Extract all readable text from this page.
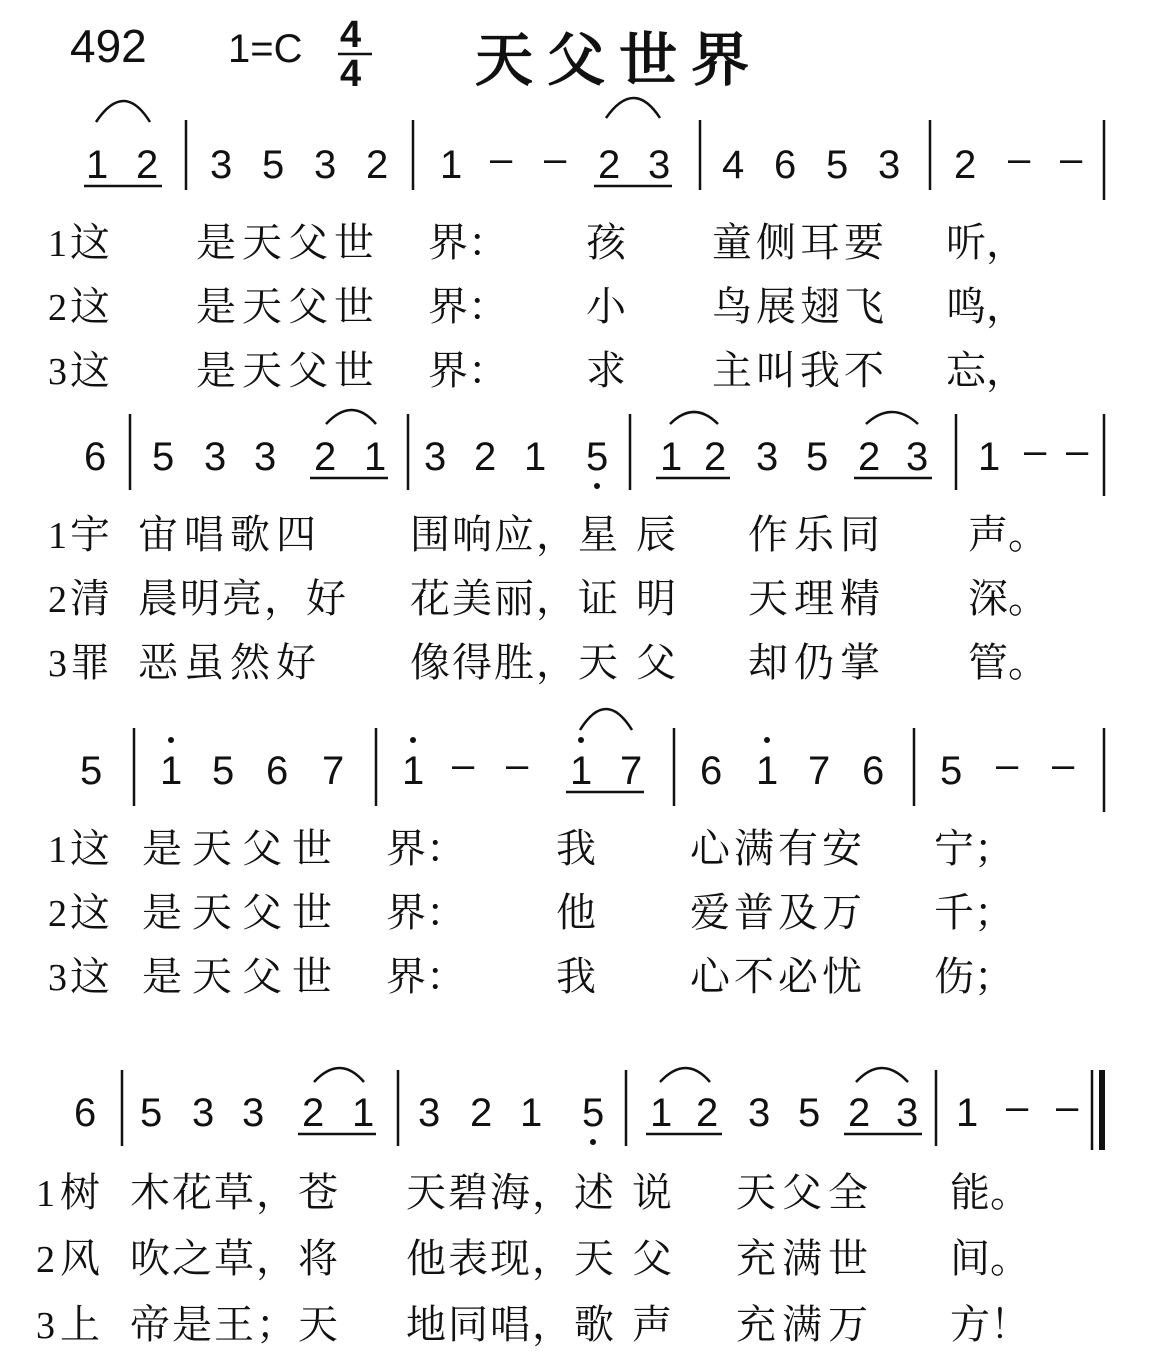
492 1=C 4
4 天父世界
1 2 3 5 3 2 1 – – 2 3 4 6 5 3 2 – –
1 这 是天父世 界： 孩 童侧耳要 听，
2 这 是天父世 界： 小 鸟展翅飞 鸣，
3 这 是天父世 界： 求 主叫我不 忘，
6 5 3 3 2 1 3 2 1 5 1 2 3 5 2 3 1 – –
1 宇 宙唱歌四 围响应，星 辰 作乐同 声。
2 清 晨明亮，好 花美丽，证 明 天理精 深。
3 罪 恶虽然好 像得胜，天 父 却仍掌 管。
5 1 5 6 7 1 – – 1 7 6 1 7 6 5 – –
1 这 是天父世 界： 我 心满有安 宁；
2 这 是天父世 界： 他 爱普及万 千；
3 这 是天父世 界： 我 心不必忧 伤；
6 5 3 3 2 1 3 2 1 5 1 2 3 5 2 3 1 – –
1 树 木花草，苍 天碧海，述 说 天父全 能。
2 风 吹之草，将 他表现，天 父 充满世 间。
3 上 帝是王；天 地同唱，歌 声 充满万 方！
